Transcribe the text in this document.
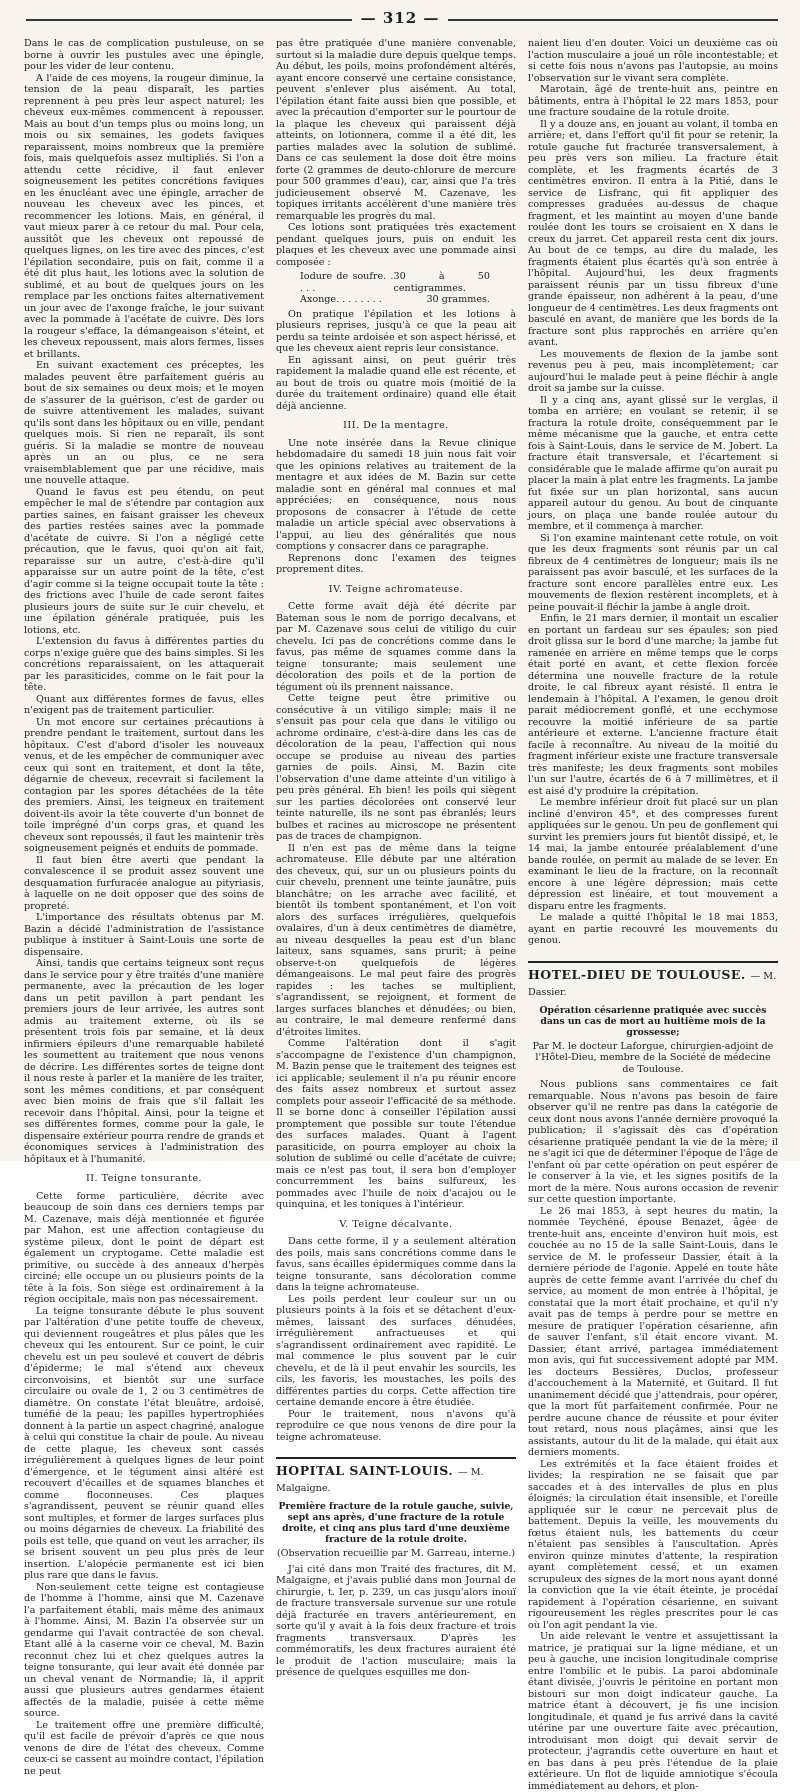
— 312 —

Dans le cas de complication pustuleuse, on se borne à ouvrir les pustules avec une épingle, pour les vider de leur contenu.

A l'aide de ces moyens, la rougeur diminue, la tension de la peau disparaît, les parties reprennent à peu près leur aspect naturel; les cheveux eux-mêmes commencent à repousser. Mais au bout d'un temps plus ou moins long, un mois ou six semaines, les godets faviques reparaissent, moins nombreux que la première fois, mais quelquefois assez multipliés. Si l'on a attendu cette récidive, il faut enlever soigneusement les petites concrétions faviques en les énucléant avec une épingle, arracher de nouveau les cheveux avec les pinces, et recommencer les lotions. Mais, en général, il vaut mieux parer à ce retour du mal. Pour cela, aussitôt que les cheveux ont repoussé de quelques lignes, on les tire avec des pinces, c'est l'épilation secondaire, puis on fait, comme il a été dit plus haut, les lotions avec la solution de sublimé, et au bout de quelques jours on les remplace par les onctions faites alternativement un jour avec de l'axonge fraîche, le jour suivant avec la pommade à l'acétate de cuivre. Dès lors la rougeur s'efface, la démangeaison s'éteint, et les cheveux repoussent, mais alors fermes, lisses et brillants.

En suivant exactement ces préceptes, les malades peuvent être parfaitement guéris au bout de six semaines ou deux mois; et le moyen de s'assurer de la guérison, c'est de garder ou de suivre attentivement les malades, suivant qu'ils sont dans les hôpitaux ou en ville, pendant quelques mois. Si rien ne reparaît, ils sont guéris. Si la maladie se montre de nouveau après un an ou plus, ce ne sera vraisemblablement que par une récidive, mais une nouvelle attaque.

Quand le favus est peu étendu, on peut empêcher le mal de s'étendre par contagion aux parties saines, en faisant graisser les cheveux des parties restées saines avec la pommade d'acétate de cuivre. Si l'on a négligé cette précaution, que le favus, quoi qu'on ait fait, reparaisse sur un autre, c'est-à-dire qu'il apparaisse sur un autre point de la tête, c'est d'agir comme si la teigne occupait toute la tête : des frictions avec l'huile de cade seront faites plusieurs jours de suite sur le cuir chevelu, et une épilation générale pratiquée, puis les lotions, etc.

L'extension du favus à différentes parties du corps n'exige guère que des bains simples. Si les concrétions reparaissaient, on les attaquerait par les parasiticides, comme on le fait pour la tête.

Quant aux différentes formes de favus, elles n'exigent pas de traitement particulier.

Un mot encore sur certaines précautions à prendre pendant le traitement, surtout dans les hôpitaux. C'est d'abord d'isoler les nouveaux venus, et de les empêcher de communiquer avec ceux qui sont en traitement, et dont la tête, dégarnie de cheveux, recevrait si facilement la contagion par les spores détachées de la tête des premiers. Ainsi, les teigneux en traitement doivent-ils avoir la tête couverte d'un bonnet de toile imprégné d'un corps gras, et quand les cheveux sont repoussés, il faut les maintenir très soigneusement peignés et enduits de pommade.

Il faut bien être averti que pendant la convalescence il se produit assez souvent une desquamation furfuracée analogue au pityriasis, à laquelle on ne doit opposer que des soins de propreté.

L'importance des résultats obtenus par M. Bazin a décidé l'administration de l'assistance publique à instituer à Saint-Louis une sorte de dispensaire.

Ainsi, tandis que certains teigneux sont reçus dans le service pour y être traités d'une manière permanente, avec la précaution de les loger dans un petit pavillon à part pendant les premiers jours de leur arrivée, les autres sont admis au traitement externe, où ils se présentent trois fois par semaine, et là deux infirmiers épileurs d'une remarquable habileté les soumettent au traitement que nous venons de décrire. Les différentes sortes de teigne dont il nous reste à parler et la manière de les traiter, sont les mêmes conditions, et par conséquent avec bien moins de frais que s'il fallait les recevoir dans l'hôpital. Ainsi, pour la teigne et ses différentes formes, comme pour la gale, le dispensaire extérieur pourra rendre de grands et économiques services à l'administration des hôpitaux et à l'humanité.

II. Teigne tonsurante.

Cette forme particulière, décrite avec beaucoup de soin dans ces derniers temps par M. Cazenave, mais déjà mentionnée et figurée par Mahon, est une affection contagieuse du système pileux, dont le point de départ est également un cryptogame. Cette maladie est primitive, ou succède à des anneaux d'herpès circiné; elle occupe un ou plusieurs points de la tête à la fois. Son siège est ordinairement à la région occipitale, mais non pas nécessairement.

La teigne tonsurante débute le plus souvent par l'altération d'une petite touffe de cheveux, qui deviennent rougeâtres et plus pâles que les cheveux qui les entourent. Sur ce point, le cuir chevelu est un peu soulevé et couvert de débris d'épiderme; le mal s'étend aux cheveux circonvoisins, et bientôt sur une surface circulaire ou ovale de 1, 2 ou 3 centimètres de diamètre. On constate l'état bleuâtre, ardoisé, tuméfié de la peau; les papilles hypertrophiées donnent à la partie un aspect chagriné, analogue à celui qui constitue la chair de poule. Au niveau de cette plaque, les cheveux sont cassés irrégulièrement à quelques lignes de leur point d'émergence, et le tégument ainsi altéré est recouvert d'écailles et de squames blanches et comme floconneuses. Ces plaques s'agrandissent, peuvent se réunir quand elles sont multiples, et former de larges surfaces plus ou moins dégarnies de cheveux. La friabilité des poils est telle, que quand on veut les arracher, ils se brisent souvent un peu plus près de leur insertion. L'alopécie permanente est ici bien plus rare que dans le favus.

Non-seulement cette teigne est contagieuse de l'homme à l'homme, ainsi que M. Cazenave l'a parfaitement établi, mais même des animaux à l'homme. Ainsi, M. Bazin l'a observée sur un gendarme qui l'avait contractée de son cheval. Etant allé à la caserne voir ce cheval, M. Bazin reconnut chez lui et chez quelques autres la teigne tonsurante, qui leur avait été donnée par un cheval venant de Normandie; là, il apprit aussi que plusieurs autres gendarmes étaient affectés de la maladie, puisée à cette même source.

Le traitement offre une première difficulté, qu'il est facile de prévoir d'après ce que nous venons de dire de l'état des cheveux. Comme ceux-ci se cassent au moindre contact, l'épilation ne peut

pas être pratiquée d'une manière convenable, surtout si la maladie dure depuis quelque temps. Au début, les poils, moins profondément altérés, ayant encore conservé une certaine consistance, peuvent s'enlever plus aisément. Au total, l'épilation étant faite aussi bien que possible, et avec la précaution d'emporter sur le pourtour de la plaque les cheveux qui paraissent déjà atteints, on lotionnera, comme il a été dit, les parties malades avec la solution de sublimé. Dans ce cas seulement la dose doit être moins forte (2 grammes de deuto-chlorure de mercure pour 500 grammes d'eau), car, ainsi que l'a très judicieusement observé M. Cazenave, les topiques irritants accélèrent d'une manière très remarquable les progrès du mal.

Ces lotions sont pratiquées très exactement pendant quelques jours, puis on enduit les plaques et les cheveux avec une pommade ainsi composée :

Iodure de soufre. . . . .
30 à 50 centigrammes.
Axonge. . . . . . . .	30 grammes.

On pratique l'épilation et les lotions à plusieurs reprises, jusqu'à ce que la peau ait perdu sa teinte ardoisée et son aspect hérissé, et que les cheveux aient repris leur consistance.

En agissant ainsi, on peut guérir très rapidement la maladie quand elle est récente, et au bout de trois ou quatre mois (moitié de la durée du traitement ordinaire) quand elle était déjà ancienne.

III. De la mentagre.

Une note insérée dans la Revue clinique hebdomadaire du samedi 18 juin nous fait voir que les opinions relatives au traitement de la mentagre et aux idées de M. Bazin sur cette maladie sont en général mal connues et mal appréciées; en conséquence, nous nous proposons de consacrer à l'étude de cette maladie un article spécial avec observations à l'appui, au lieu des généralités que nous comptions y consacrer dans ce paragraphe.

Reprenons donc l'examen des teignes proprement dites.

IV. Teigne achromateuse.

Cette forme avait déjà été décrite par Bateman sous le nom de porrigo decalvans, et par M. Cazenave sous celui de vitiligo du cuir chevelu. Ici pas de concrétions comme dans le favus, pas même de squames comme dans la teigne tonsurante; mais seulement une décoloration des poils et de la portion de tégument où ils prennent naissance.

Cette teigne peut être primitive ou consécutive à un vitiligo simple; mais il ne s'ensuit pas pour cela que dans le vitiligo ou achrome ordinaire, c'est-à-dire dans les cas de décoloration de la peau, l'affection qui nous occupe se produise au niveau des parties garnies de poils. Ainsi, M. Bazin cite l'observation d'une dame atteinte d'un vitiligo à peu près général. Eh bien! les poils qui siègent sur les parties décolorées ont conservé leur teinte naturelle, ils ne sont pas ébranlés; leurs bulbes et racines au microscope ne présentent pas de traces de champignon.

Il n'en est pas de même dans la teigne achromateuse. Elle débute par une altération des cheveux, qui, sur un ou plusieurs points du cuir chevelu, prennent une teinte jaunâtre, puis blanchâtre; on les arrache avec facilité, et bientôt ils tombent spontanément, et l'on voit alors des surfaces irrégulières, quelquefois ovalaires, d'un à deux centimètres de diamètre, au niveau desquelles la peau est d'un blanc laiteux, sans squames, sans prurit; à peine observe-t-on quelquefois de légères démangeaisons. Le mal peut faire des progrès rapides : les taches se multiplient, s'agrandissent, se rejoignent, et forment de larges surfaces blanches et dénudées; ou bien, au contraire, le mal demeure renfermé dans d'étroites limites.

Comme l'altération dont il s'agit s'accompagne de l'existence d'un champignon, M. Bazin pense que le traitement des teignes est ici applicable; seulement il n'a pu réunir encore des faits assez nombreux et surtout assez complets pour asseoir l'efficacité de sa méthode. Il se borne donc à conseiller l'épilation aussi promptement que possible sur toute l'étendue des surfaces malades. Quant à l'agent parasiticide, on pourra employer au choix la solution de sublimé ou celle d'acétate de cuivre; mais ce n'est pas tout, il sera bon d'employer concurremment les bains sulfureux, les pommades avec l'huile de noix d'acajou ou le quinquina, et les toniques à l'intérieur.

V. Teigne décalvante.

Dans cette forme, il y a seulement altération des poils, mais sans concrétions comme dans le favus, sans écailles épidermiques comme dans la teigne tonsurante, sans décoloration comme dans la teigne achromateuse.

Les poils perdent leur couleur sur un ou plusieurs points à la fois et se détachent d'eux-mêmes, laissant des surfaces dénudées, irrégulièrement anfractueuses et qui s'agrandissent ordinairement avec rapidité. Le mal commence le plus souvent par le cuir chevelu, et de là il peut envahir les sourcils, les cils, les favoris, les moustaches, les poils des différentes parties du corps. Cette affection tire certaine demande encore à être étudiée.

Pour le traitement, nous n'avons qu'à reproduire ce que nous venons de dire pour la teigne achromateuse.

HOPITAL SAINT-LOUIS. — M. Malgaigne.

Première fracture de la rotule gauche, suivie, sept ans après, d'une fracture de la rotule droite, et cinq ans plus tard d'une deuxième fracture de la rotule droite.

(Observation recueillie par M. Garreau, interne.)

J'ai cité dans mon Traité des fractures, dit M. Malgaigne, et j'avais publié dans mon Journal de chirurgie, t. Ier, p. 239, un cas jusqu'alors inouï de fracture transversale survenue sur une rotule déjà fracturée en travers antérieurement, en sorte qu'il y avait à la fois deux fracture et trois fragments transversaux. D'après les commémoratifs, les deux fractures auraient été le produit de l'action musculaire; mais la présence de quelques esquilles me don-

naient lieu d'en douter. Voici un deuxième cas où l'action musculaire a joué un rôle incontestable; et si cette fois nous n'avons pas l'autopsie, au moins l'observation sur le vivant sera complète.

Marotain, âgé de trente-huit ans, peintre en bâtiments, entra à l'hôpital le 22 mars 1853, pour une fracture soudaine de la rotule droite.

Il y a douze ans, en jouant au volant, il tomba en arrière; et, dans l'effort qu'il fit pour se retenir, la rotule gauche fut fracturée transversalement, à peu près vers son milieu. La fracture était complète, et les fragments écartés de 3 centimètres environ. Il entra à la Pitié, dans le service de Lisfranc, qui fit appliquer des compresses graduées au-dessus de chaque fragment, et les maintint au moyen d'une bande roulée dont les tours se croisaient en X dans le creux du jarret. Cet appareil resta cent dix jours. Au bout de ce temps, au dire du malade, les fragments étaient plus écartés qu'à son entrée à l'hôpital. Aujourd'hui, les deux fragments paraissent réunis par un tissu fibreux d'une grande épaisseur, non adhérent à la peau, d'une longueur de 4 centimètres. Les deux fragments ont basculé en avant, de manière que les bords de la fracture sont plus rapprochés en arrière qu'en avant.

Les mouvements de flexion de la jambe sont revenus peu à peu, mais incomplètement; car aujourd'hui le malade peut à peine fléchir à angle droit sa jambe sur la cuisse.

Il y a cinq ans, ayant glissé sur le verglas, il tomba en arrière; en voulant se retenir, il se fractura la rotule droite, conséquemment par le même mécanisme que la gauche, et entra cette fois à Saint-Louis, dans le service de M. Jobert. La fracture était transversale, et l'écartement si considérable que le malade affirme qu'on aurait pu placer la main à plat entre les fragments. La jambe fut fixée sur un plan horizontal, sans aucun appareil autour du genou. Au bout de cinquante jours, on plaça une bande roulée autour du membre, et il commença à marcher.

Si l'on examine maintenant cette rotule, on voit que les deux fragments sont réunis par un cal fibreux de 4 centimètres de longueur; mais ils ne paraissent pas avoir basculé, et les surfaces de la fracture sont encore parallèles entre eux. Les mouvements de flexion restèrent incomplets, et à peine pouvait-il fléchir la jambe à angle droit.

Enfin, le 21 mars dernier, il montait un escalier en portant un fardeau sur ses épaules; son pied droit glissa sur le bord d'une marche; la jambe fut ramenée en arrière en même temps que le corps était porté en avant, et cette flexion forcée détermina une nouvelle fracture de la rotule droite, le cal fibreux ayant résisté. Il entra le lendemain à l'hôpital. A l'examen, le genou droit parait médiocrement gonflé, et une ecchymose recouvre la moitié inférieure de sa partie antérieure et externe. L'ancienne fracture était facile à reconnaître. Au niveau de la moitié du fragment inférieur existe une fracture transversale très manifeste; les deux fragments sont mobiles l'un sur l'autre, écartés de 6 à 7 millimètres, et il est aisé d'y produire la crépitation.

Le membre inférieur droit fut placé sur un plan incliné d'environ 45°, et des compresses furent appliquées sur le genou. Un peu de gonflement qui survint les premiers jours fut bientôt dissipé, et, le 14 mai, la jambe entourée préalablement d'une bande roulée, on permit au malade de se lever. En examinant le lieu de la fracture, on la reconnaît encore à une légère dépression; mais cette dépression est linéaire, et tout mouvement a disparu entre les fragments.

Le malade a quitté l'hôpital le 18 mai 1853, ayant en partie recouvré les mouvements du genou.

HOTEL-DIEU DE TOULOUSE. — M. Dassier.

Opération césarienne pratiquée avec succès dans un cas de mort au huitième mois de la grossesse;

Par M. le docteur Laforgue, chirurgien-adjoint de l'Hôtel-Dieu, membre de la Société de médecine de Toulouse.

Nous publions sans commentaires ce fait remarquable. Nous n'avons pas besoin de faire observer qu'il ne rentre pas dans la catégorie de ceux dont nous avons l'année dernière provoqué la publication; il s'agissait dès cas d'opération césarienne pratiquée pendant la vie de la mère; il ne s'agit ici que de déterminer l'époque de l'âge de l'enfant où par cette opération on peut espérer de le conserver à la vie, et les signes positifs de la mort de la mère. Nous aurons occasion de revenir sur cette question importante.

Le 26 mai 1853, à sept heures du matin, la nommée Teychéné, épouse Benazet, âgée de trente-huit ans, enceinte d'environ huit mois, est couchée au no 15 de la salle Saint-Louis, dans le service de M. le professeur Dassier, était à la dernière période de l'agonie. Appelé en toute hâte auprès de cette femme avant l'arrivée du chef du service, au moment de mon entrée à l'hôpital, je constatai que la mort était prochaine, et qu'il n'y avait pas de temps à perdre pour se mettre en mesure de pratiquer l'opération césarienne, afin de sauver l'enfant, s'il était encore vivant. M. Dassier, étant arrivé, partagea immédiatement mon avis, qui fut successivement adopté par MM. les docteurs Bessières, Duclos, professeur d'accouchement à la Maternité, et Guitard. Il fut unanimement décidé que j'attendrais, pour opérer, que la mort fût parfaitement confirmée. Pour ne perdre aucune chance de réussite et pour éviter tout retard, nous nous plaçâmes, ainsi que les assistants, autour du lit de la malade, qui était aux derniers moments.

Les extrémités et la face étaient froides et livides; la respiration ne se faisait que par saccades et à des intervalles de plus en plus éloignés; la circulation était insensible, et l'oreille appliquée sur le cœur ne percevait plus de battement. Depuis la veille, les mouvements du fœtus étaient nuls, les battements du cœur n'étaient pas sensibles à l'auscultation. Après environ quinze minutes d'attente, la respiration ayant complètement cessé, et un examen scrupuleux des signes de la mort nous ayant donné la conviction que la vie était éteinte, je procédai rapidement à l'opération césarienne, en suivant rigoureusement les règles prescrites pour le cas où l'on agit pendant la vie.

Un aide relevant le ventre et assujettissant la matrice, je pratiquai sur la ligne médiane, et un peu à gauche, une incision longitudinale comprise entre l'ombilic et le pubis. La paroi abdominale étant divisée, j'ouvris le péritoine en portant mon bistouri sur mon doigt indicateur gauche. La matrice étant à découvert, je fis une incision longitudinale, et quand je fus arrivé dans la cavité utérine par une ouverture faite avec précaution, introduisant mon doigt qui devait servir de protecteur, j'agrandis cette ouverture en haut et en bas dans à peu près l'étendue de la plaie extérieure. Un flot de liquide amniotique s'écoula immédiatement au dehors, et plon-
